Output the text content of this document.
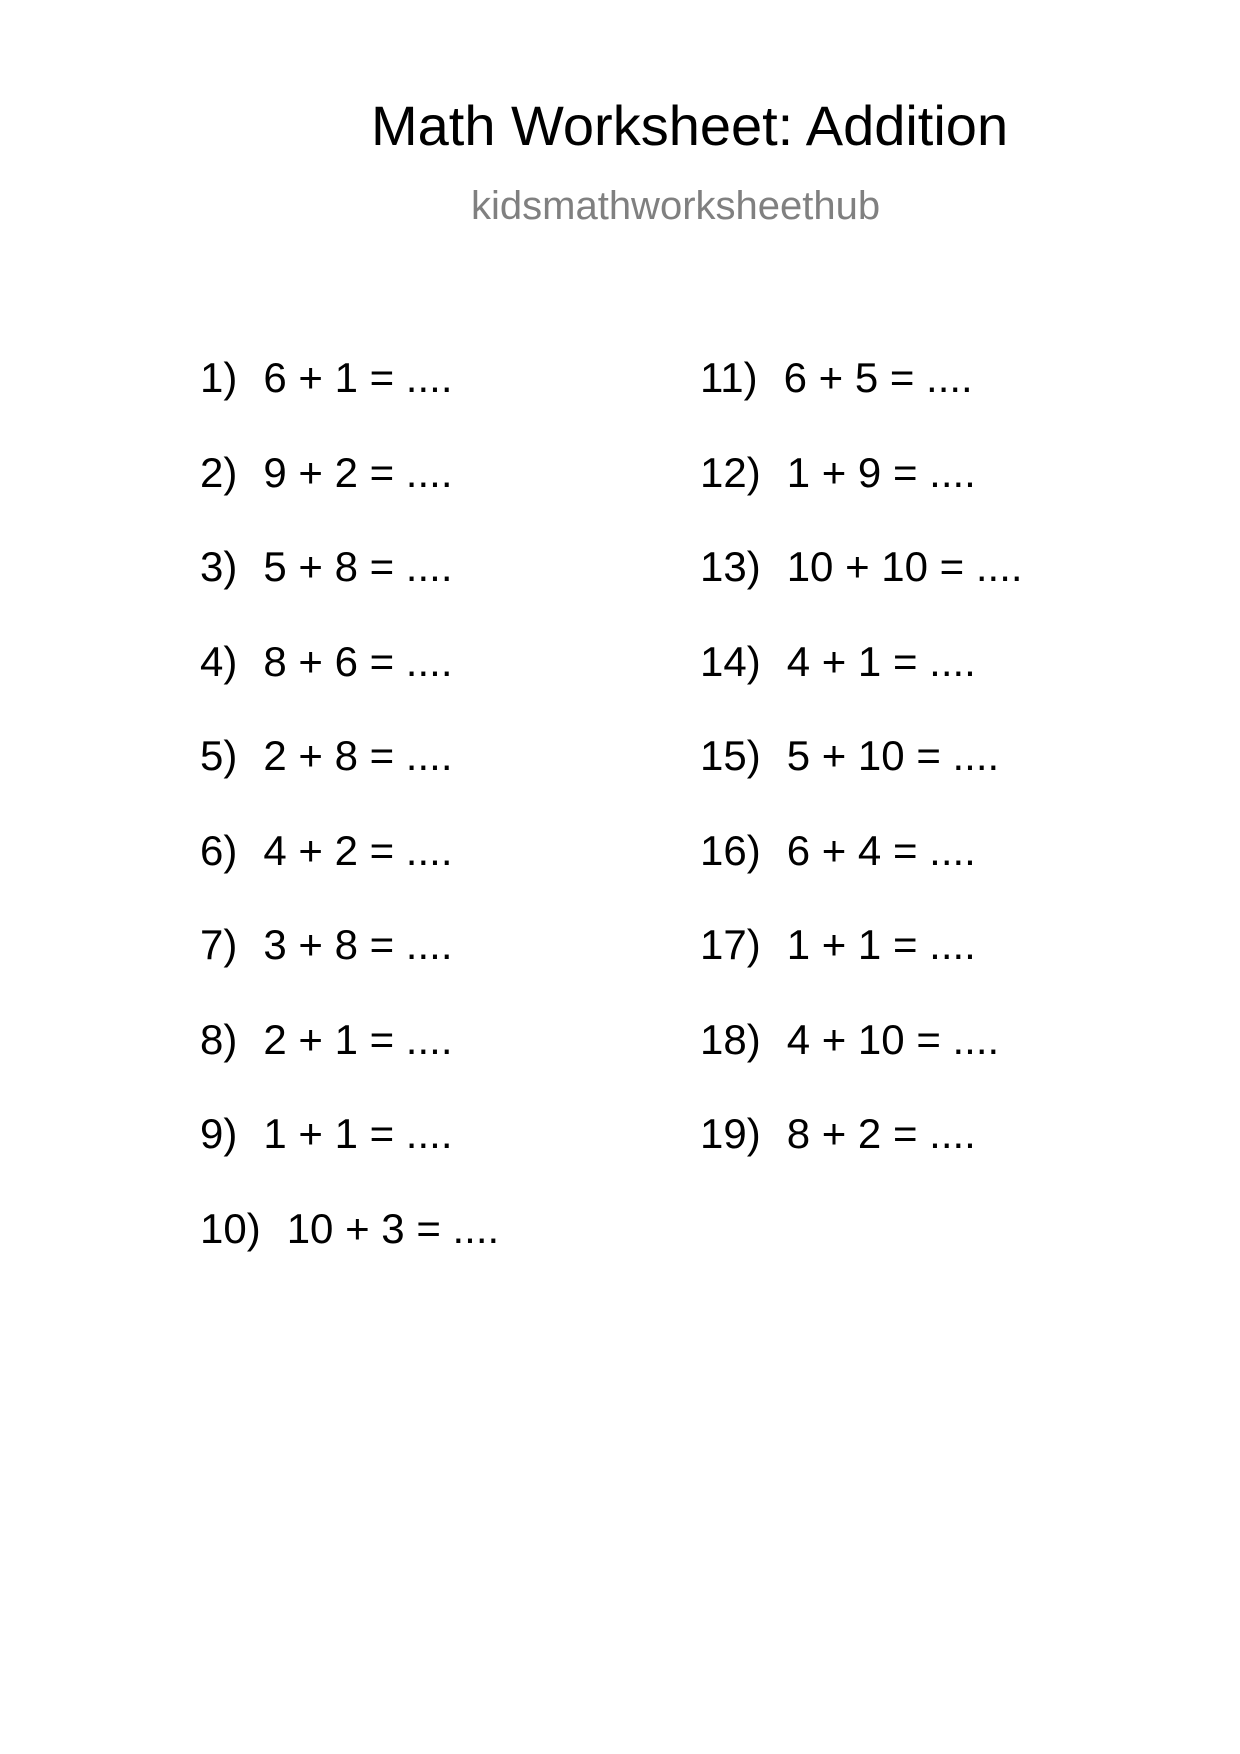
Math Worksheet: Addition
kidsmathworksheethub
1) 6 + 1 = ....
2) 9 + 2 = ....
3) 5 + 8 = ....
4) 8 + 6 = ....
5) 2 + 8 = ....
6) 4 + 2 = ....
7) 3 + 8 = ....
8) 2 + 1 = ....
9) 1 + 1 = ....
10) 10 + 3 = ....
11) 6 + 5 = ....
12) 1 + 9 = ....
13) 10 + 10 = ....
14) 4 + 1 = ....
15) 5 + 10 = ....
16) 6 + 4 = ....
17) 1 + 1 = ....
18) 4 + 10 = ....
19) 8 + 2 = ....
